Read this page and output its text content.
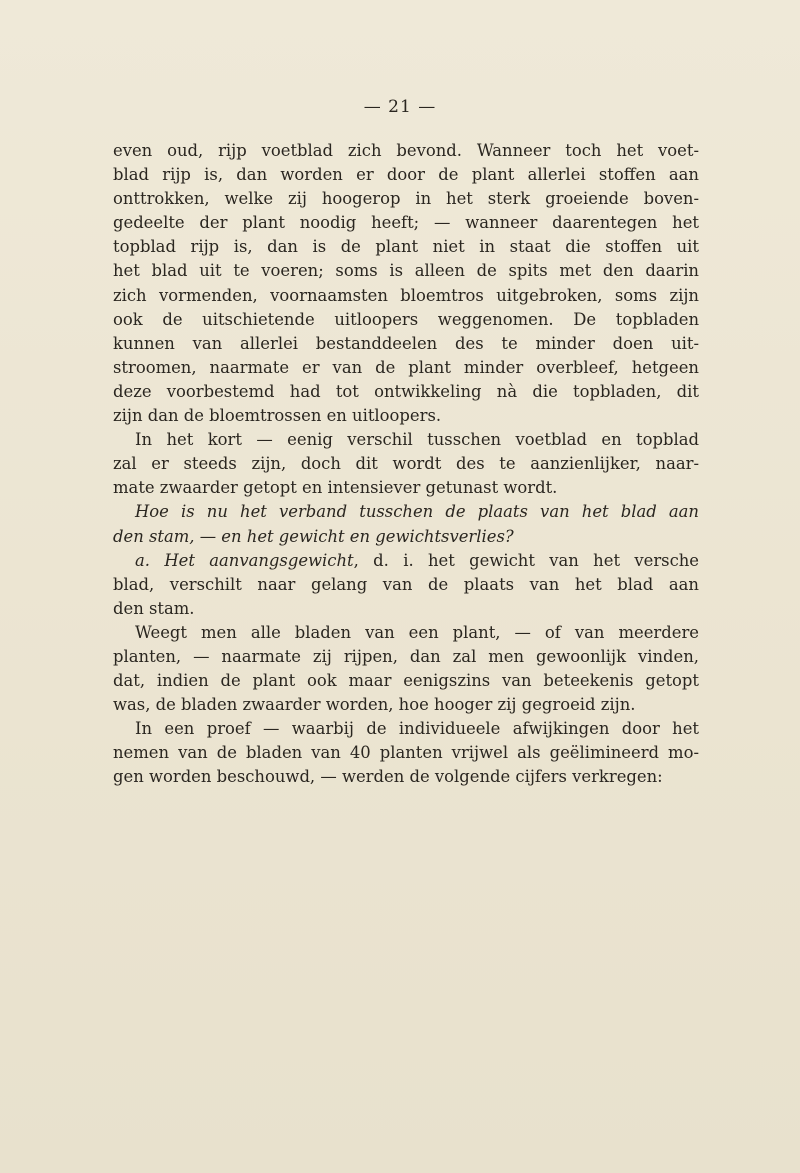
— 21 —

even oud, rijp voetblad zich bevond. Wanneer toch het voet-
blad rijp is, dan worden er door de plant allerlei stoffen aan
onttrokken, welke zij hoogerop in het sterk groeiende boven-
gedeelte der plant noodig heeft; — wanneer daarentegen het
topblad rijp is, dan is de plant niet in staat die stoffen uit
het blad uit te voeren; soms is alleen de spits met den daarin
zich vormenden, voornaamsten bloemtros uitgebroken, soms zijn
ook de uitschietende uitloopers weggenomen. De topbladen
kunnen van allerlei bestanddeelen des te minder doen uit-
stroomen, naarmate er van de plant minder overbleef, hetgeen
deze voorbestemd had tot ontwikkeling nà die topbladen, dit
zijn dan de bloemtrossen en uitloopers.

In het kort — eenig verschil tusschen voetblad en topblad
zal er steeds zijn, doch dit wordt des te aanzienlijker, naar-
mate zwaarder getopt en intensiever getunast wordt.

Hoe is nu het verband tusschen de plaats van het blad aan
den stam, — en het gewicht en gewichtsverlies?

a. Het aanvangsgewicht, d. i. het gewicht van het versche
blad, verschilt naar gelang van de plaats van het blad aan
den stam.

Weegt men alle bladen van een plant, — of van meerdere
planten, — naarmate zij rijpen, dan zal men gewoonlijk vinden,
dat, indien de plant ook maar eenigszins van beteekenis getopt
was, de bladen zwaarder worden, hoe hooger zij gegroeid zijn.

In een proef — waarbij de individueele afwijkingen door het
nemen van de bladen van 40 planten vrijwel als geëlimineerd mo-
gen worden beschouwd, — werden de volgende cijfers verkregen:
